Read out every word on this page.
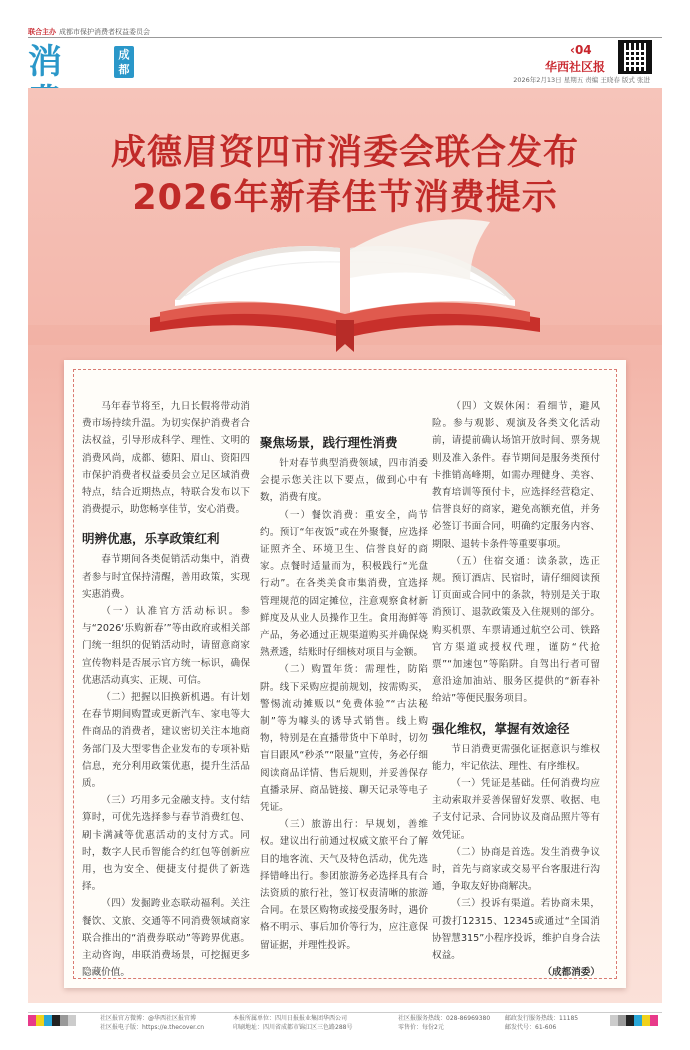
联合主办 成都市保护消费者权益委员会
消	成都
‹04
华西社区报
2026年2月13日 星期五 责编 王晓春 版式 张进
成德眉资四市消委会联合发布
2026年新春佳节消费提示

马年春节将至，九日长假将带动消费市场持续升温。为切实保护消费者合法权益，引导形成科学、理性、文明的消费风尚，成都、德阳、眉山、资阳四市保护消费者权益委员会立足区域消费特点，结合近期热点，特联合发布以下消费提示，助您畅享佳节，安心消费。

明辨优惠，乐享政策红利

春节期间各类促销活动集中，消费者参与时宜保持清醒，善用政策，实现实惠消费。

（一）认准官方活动标识。参与“2026‘乐购新春’”等由政府或相关部门统一组织的促销活动时，请留意商家宣传物料是否展示官方统一标识，确保优惠活动真实、正规、可信。

（二）把握以旧换新机遇。有计划在春节期间购置或更新汽车、家电等大件商品的消费者，建议密切关注本地商务部门及大型零售企业发布的专项补贴信息，充分利用政策优惠，提升生活品质。

（三）巧用多元金融支持。支付结算时，可优先选择参与春节消费红包、刷卡满减等优惠活动的支付方式。同时，数字人民币智能合约红包等创新应用，也为安全、便捷支付提供了新选择。

（四）发掘跨业态联动福利。关注餐饮、文旅、交通等不同消费领域商家联合推出的“消费券联动”等跨界优惠。主动咨询，串联消费场景，可挖掘更多隐藏价值。

聚焦场景，践行理性消费

针对春节典型消费领域，四市消委会提示您关注以下要点，做到心中有数，消费有度。

（一）餐饮消费：重安全，尚节约。预订“年夜饭”或在外聚餐，应选择证照齐全、环境卫生、信誉良好的商家。点餐时适量而为，积极践行“光盘行动”。在各类美食市集消费，宜选择管理规范的固定摊位，注意观察食材新鲜度及从业人员操作卫生。食用海鲜等产品，务必通过正规渠道购买并确保烧熟煮透，结账时仔细核对项目与金额。

（二）购置年货：需理性，防陷阱。线下采购应提前规划，按需购买，警惕流动摊贩以“免费体验”“古法秘制”等为噱头的诱导式销售。线上购物，特别是在直播带货中下单时，切勿盲目跟风“秒杀”“限量”宣传，务必仔细阅读商品详情、售后规则，并妥善保存直播录屏、商品链接、聊天记录等电子凭证。

（三）旅游出行：早规划，善维权。建议出行前通过权威文旅平台了解目的地客流、天气及特色活动，优先选择错峰出行。参团旅游务必选择具有合法资质的旅行社，签订权责清晰的旅游合同。在景区购物或接受服务时，遇价格不明示、事后加价等行为，应注意保留证据，并理性投诉。

（四）文娱休闲：看细节，避风险。参与观影、观演及各类文化活动前，请提前确认场馆开放时间、票务规则及准入条件。春节期间是服务类预付卡推销高峰期，如需办理健身、美容、教育培训等预付卡，应选择经营稳定、信誉良好的商家，避免高额充值，并务必签订书面合同，明确约定服务内容、期限、退转卡条件等重要事项。

（五）住宿交通：读条款，选正规。预订酒店、民宿时，请仔细阅读预订页面或合同中的条款，特别是关于取消预订、退款政策及入住规则的部分。购买机票、车票请通过航空公司、铁路官方渠道或授权代理，谨防“代抢票”“加速包”等陷阱。自驾出行者可留意沿途加油站、服务区提供的“新春补给站”等便民服务项目。

强化维权，掌握有效途径

节日消费更需强化证据意识与维权能力，牢记依法、理性、有序维权。

（一）凭证是基础。任何消费均应主动索取并妥善保留好发票、收据、电子支付记录、合同协议及商品照片等有效凭证。

（二）协商是首选。发生消费争议时，首先与商家或交易平台客服进行沟通，争取友好协商解决。

（三）投诉有渠道。若协商未果，可拨打12315、12345或通过“全国消协智慧315”小程序投诉，维护自身合法权益。

（成都消委）

社区报官方微博：@华西社区报官博
社区报电子版：https://e.thecover.cn
本报所属单位：四川日报报业集团华西公司
印刷地址：四川省成都市锦江区三色路288号
社区报服务热线：028-86969380
零售价：每份2元
邮政发行服务热线：11185
邮发代号：61-606
